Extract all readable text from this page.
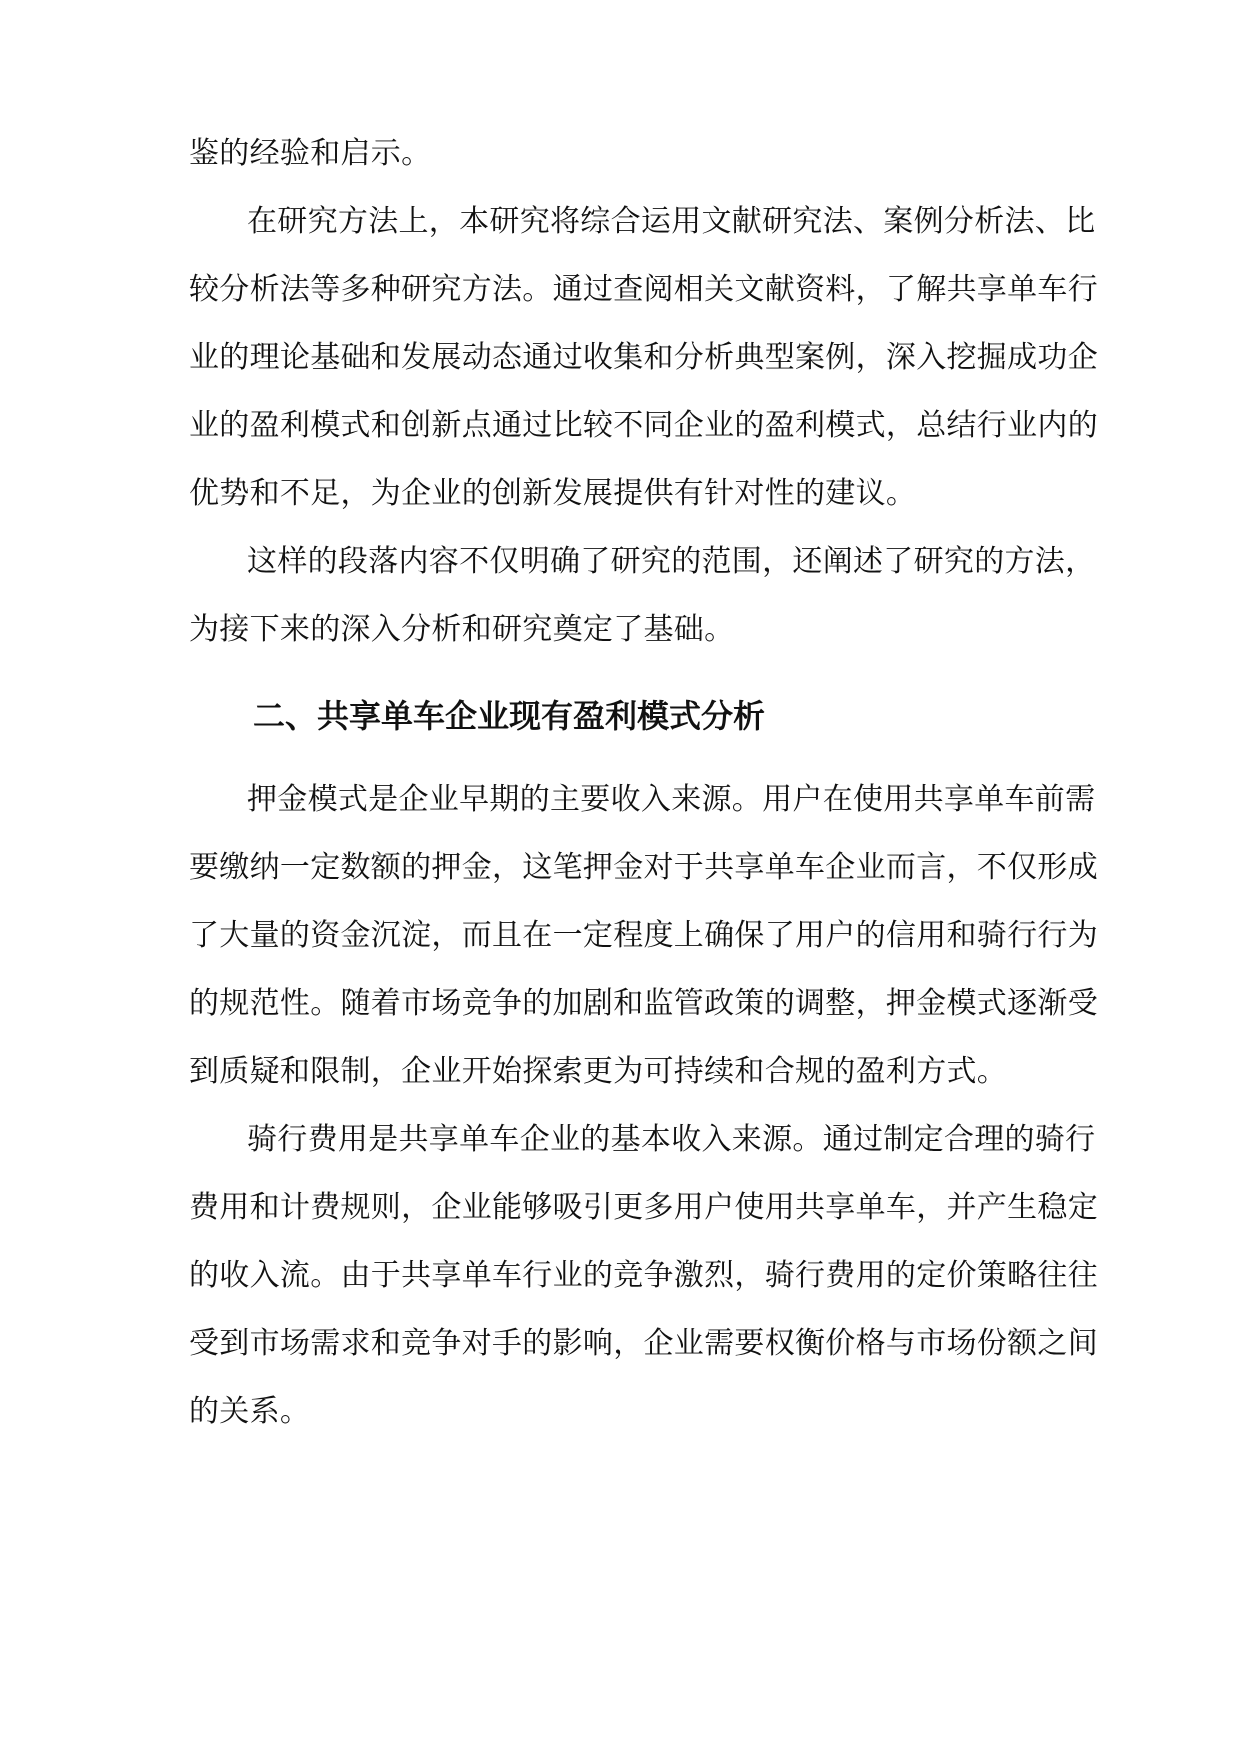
鉴的经验和启示。
在研究方法上，本研究将综合运用文献研究法、案例分析法、比
较分析法等多种研究方法。通过查阅相关文献资料，了解共享单车行
业的理论基础和发展动态通过收集和分析典型案例，深入挖掘成功企
业的盈利模式和创新点通过比较不同企业的盈利模式，总结行业内的
优势和不足，为企业的创新发展提供有针对性的建议。
这样的段落内容不仅明确了研究的范围，还阐述了研究的方法，
为接下来的深入分析和研究奠定了基础。
二、共享单车企业现有盈利模式分析
押金模式是企业早期的主要收入来源。用户在使用共享单车前需
要缴纳一定数额的押金，这笔押金对于共享单车企业而言，不仅形成
了大量的资金沉淀，而且在一定程度上确保了用户的信用和骑行行为
的规范性。随着市场竞争的加剧和监管政策的调整，押金模式逐渐受
到质疑和限制，企业开始探索更为可持续和合规的盈利方式。
骑行费用是共享单车企业的基本收入来源。通过制定合理的骑行
费用和计费规则，企业能够吸引更多用户使用共享单车，并产生稳定
的收入流。由于共享单车行业的竞争激烈，骑行费用的定价策略往往
受到市场需求和竞争对手的影响，企业需要权衡价格与市场份额之间
的关系。
